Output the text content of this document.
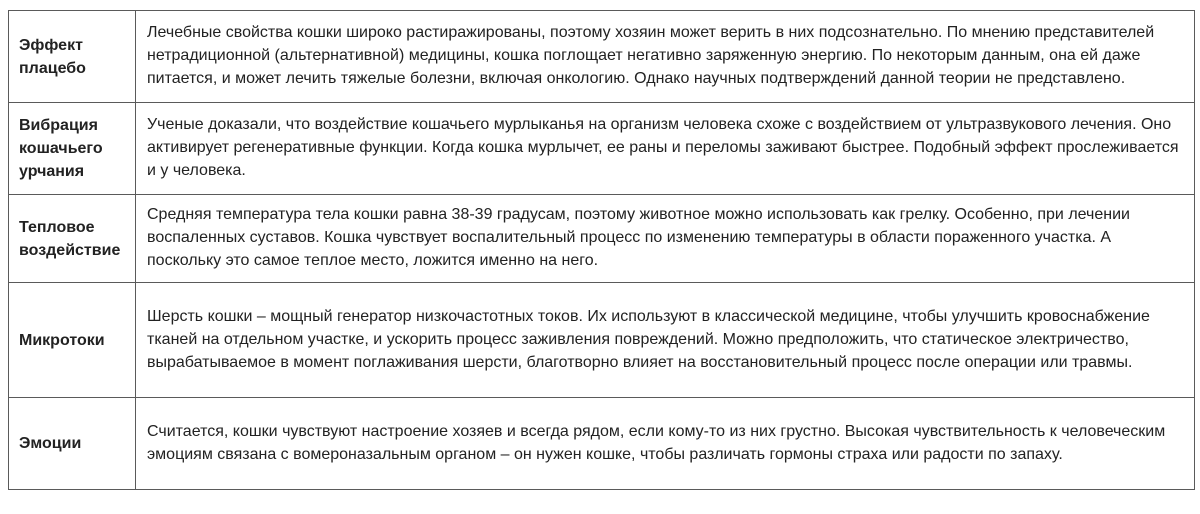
Эффект плацебо	Лечебные свойства кошки широко растиражированы, поэтому хозяин может верить в них подсознательно. По мнению представителей нетрадиционной (альтернативной) медицины, кошка поглощает негативно заряженную энергию. По некоторым данным, она ей даже питается, и может лечить тяжелые болезни, включая онкологию. Однако научных подтверждений данной теории не представлено.
Вибрация кошачьего урчания	Ученые доказали, что воздействие кошачьего мурлыканья на организм человека схоже с воздействием от ультразвукового лечения. Оно активирует регенеративные функции. Когда кошка мурлычет, ее раны и переломы заживают быстрее. Подобный эффект прослеживается и у человека.
Тепловое воздействие	Средняя температура тела кошки равна 38-39 градусам, поэтому животное можно использовать как грелку. Особенно, при лечении воспаленных суставов. Кошка чувствует воспалительный процесс по изменению температуры в области пораженного участка. А поскольку это самое теплое место, ложится именно на него.
Микротоки	Шерсть кошки – мощный генератор низкочастотных токов. Их используют в классической медицине, чтобы улучшить кровоснабжение тканей на отдельном участке, и ускорить процесс заживления повреждений. Можно предположить, что статическое электричество, вырабатываемое в момент поглаживания шерсти, благотворно влияет на восстановительный процесс после операции или травмы.
Эмоции	Считается, кошки чувствуют настроение хозяев и всегда рядом, если кому-то из них грустно. Высокая чувствительность к человеческим эмоциям связана с вомероназальным органом – он нужен кошке, чтобы различать гормоны страха или радости по запаху.
